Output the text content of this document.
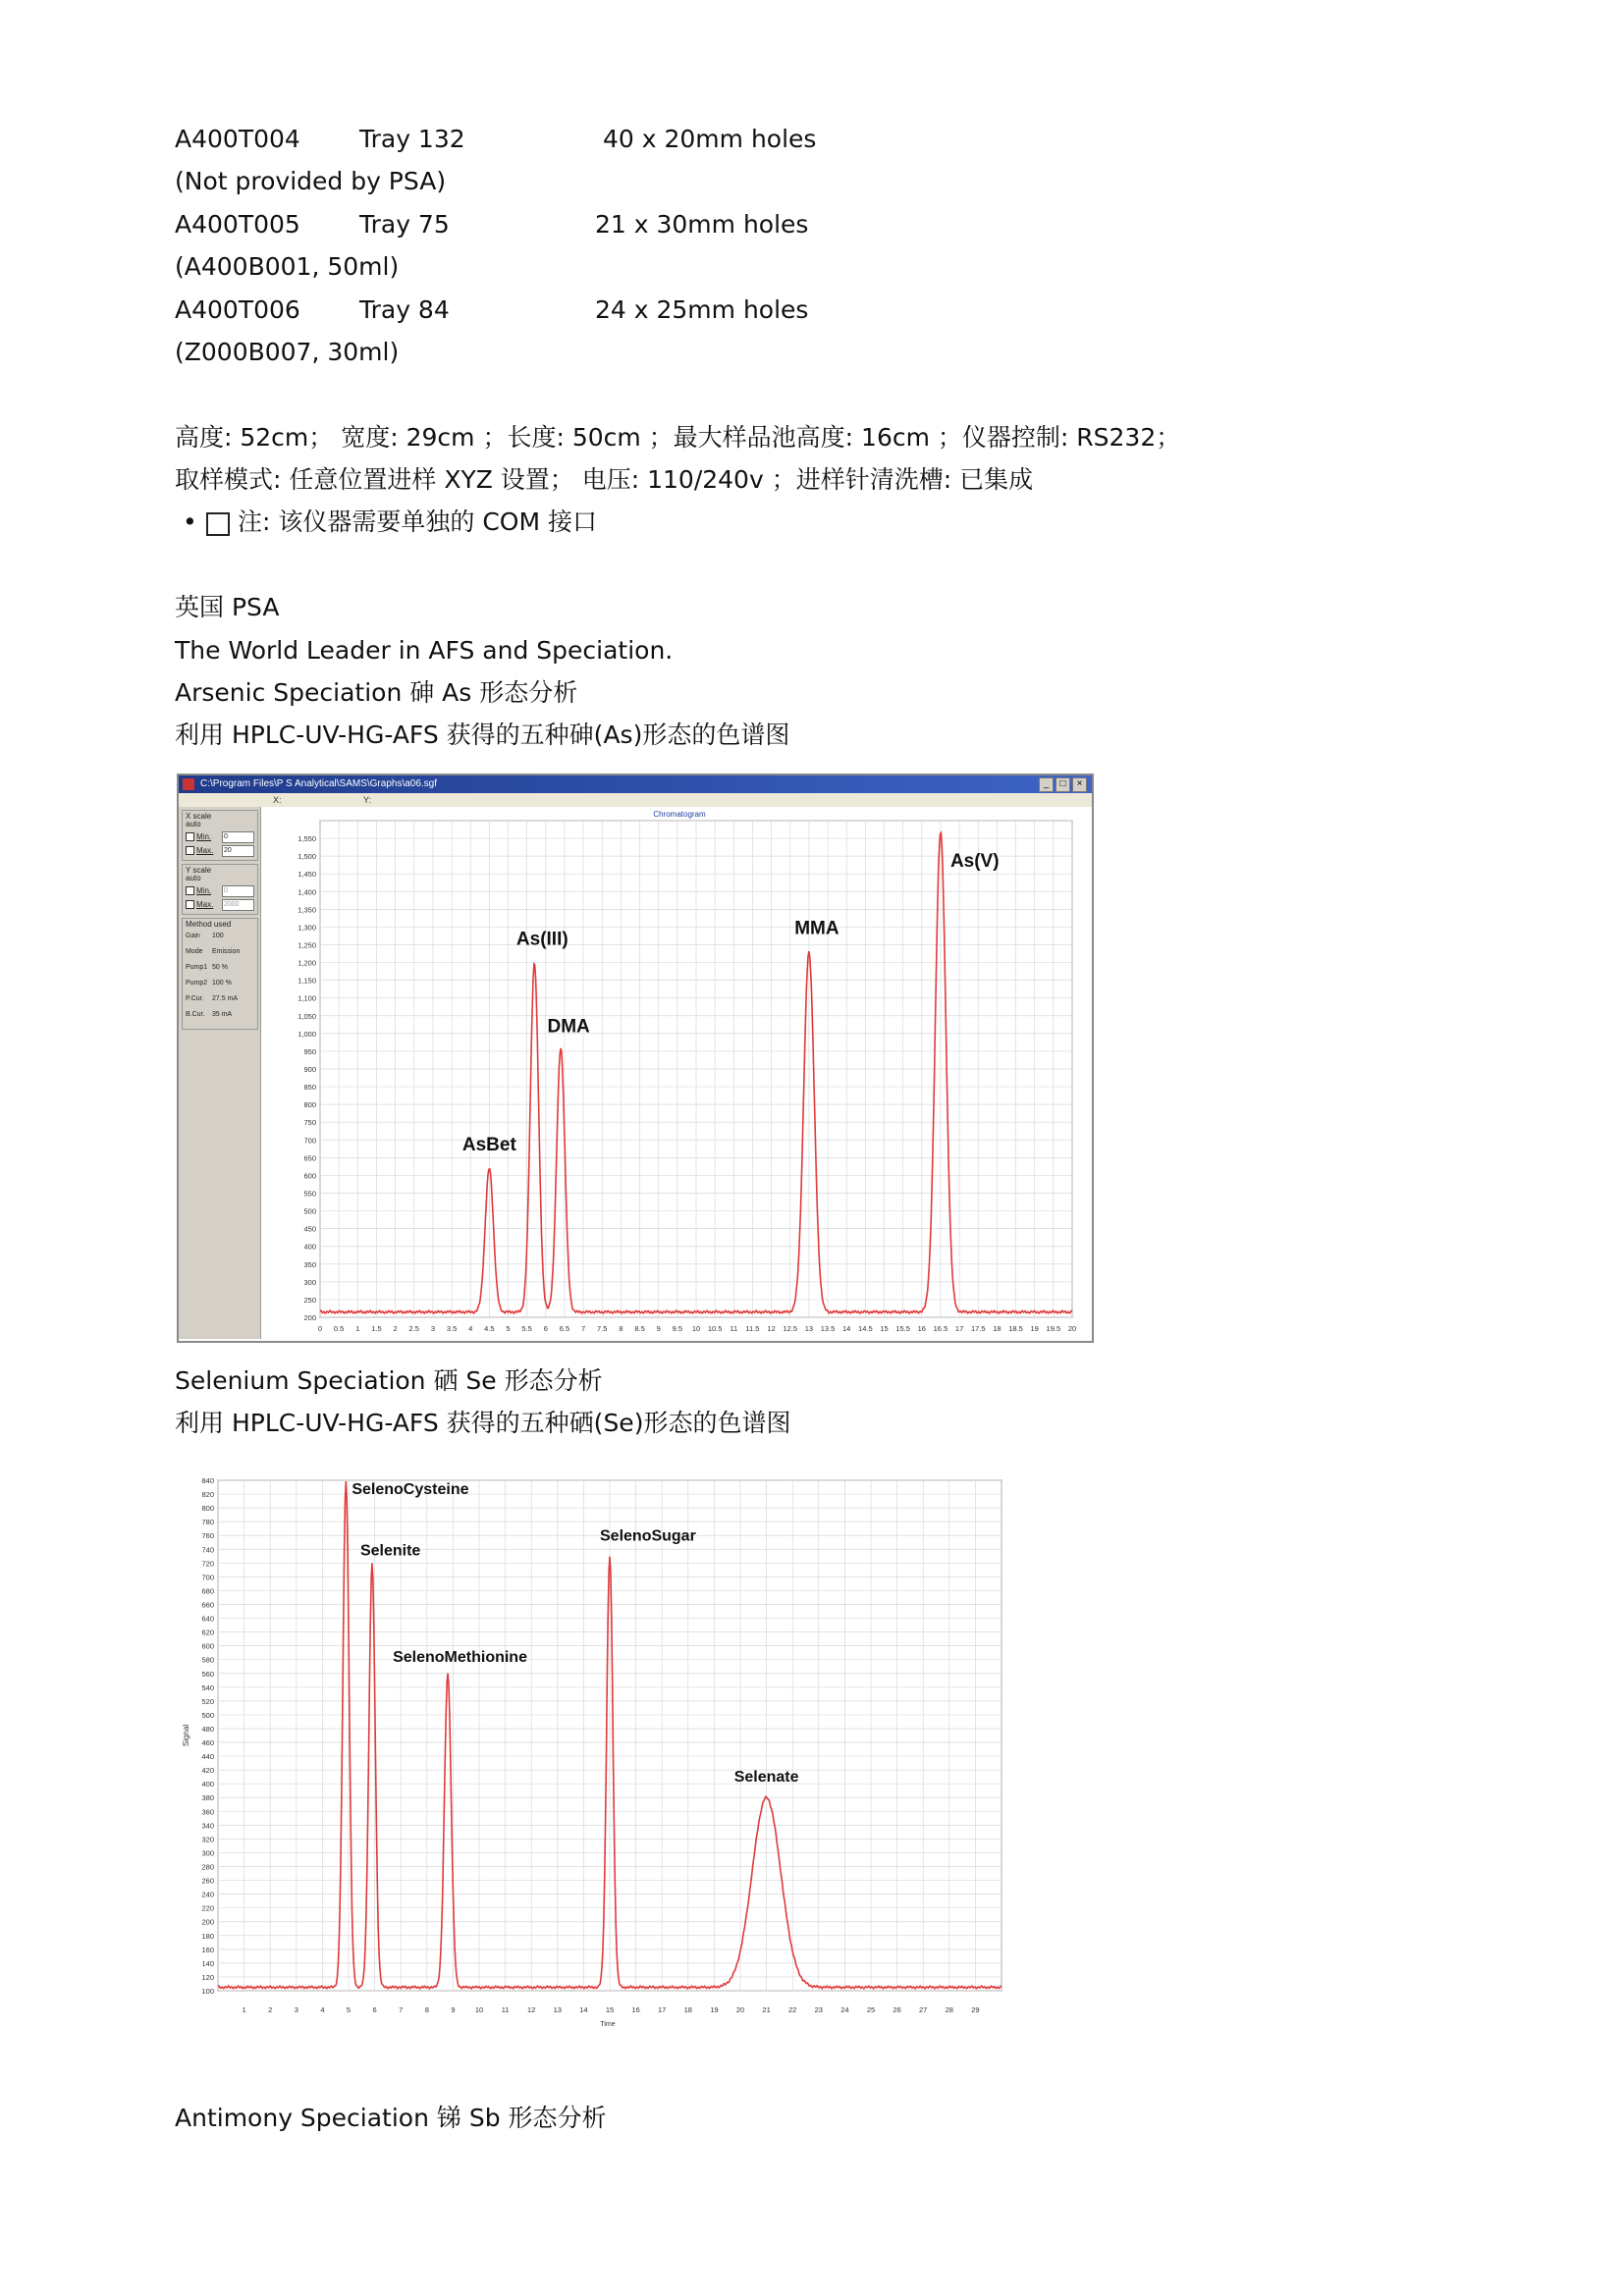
A400T004 Tray 132	40 x 20mm holes
(Not provided by PSA)
A400T005 Tray 75	21 x 30mm holes
(A400B001, 50ml)
A400T006 Tray 84	24 x 25mm holes
(Z000B007, 30ml)
高度: 52cm； 宽度: 29cm ；长度: 50cm ；最大样品池高度: 16cm ；仪器控制: RS232；
取样模式: 任意位置进样 XYZ 设置； 电压: 110/240v ；进样针清洗槽: 已集成
• 注: 该仪器需要单独的 COM 接口
英国 PSA
The World Leader in AFS and Speciation.
Arsenic Speciation 砷 As 形态分析
利用 HPLC-UV-HG-AFS 获得的五种砷(As)形态的色谱图
C:\Program Files\P S Analytical\SAMS\Graphs\a06.sgf	_	□	×
X:	Y:
X scale
auto
Min. 0
Max. 20
Y scale
auto
Min. 0
Max. 2000
Method used
Gain 100
Mode Emission
Pump1 50 %
Pump2 100 %
P.Cur. 27.5 mA
B.Cur. 35 mA
Chromatogram
0 0.5 1 1.5 2 2.5 3 3.5 4 4.5 5 5.5 6 6.5 7 7.5 8 8.5 9 9.5 10 10.5 11 11.5 12 12.5 13 13.5 14 14.5 15 15.5 16 16.5 17 17.5 18 18.5 19 19.5 20
200
250
300
350
400
450
500
550
600
650
700
750
800
850
900
950
1,000
1,050
1,100
1,150
1,200
1,250
1,300
1,350
1,400
1,450
1,500
1,550
AsBet
As(III)
DMA
MMA
As(V)
Selenium Speciation 硒 Se 形态分析
利用 HPLC-UV-HG-AFS 获得的五种硒(Se)形态的色谱图
1	2	3	4	5	6	7	8	9	10 11 12 13 14 15 16 17 18 19 20 21 22 23 24 25 26 27 28 29
100
120
140
160
180
200
220
240
260
280
300
320
340
360
380
400
420
440
460
480
500
520
540
560
580
600
620
640
660
680
700
720
740
760
780
800
820
840
SelenoCysteine
Selenite
SelenoMethionine
SelenoSugar
Selenate
Signal
Time
Antimony Speciation 锑 Sb 形态分析
